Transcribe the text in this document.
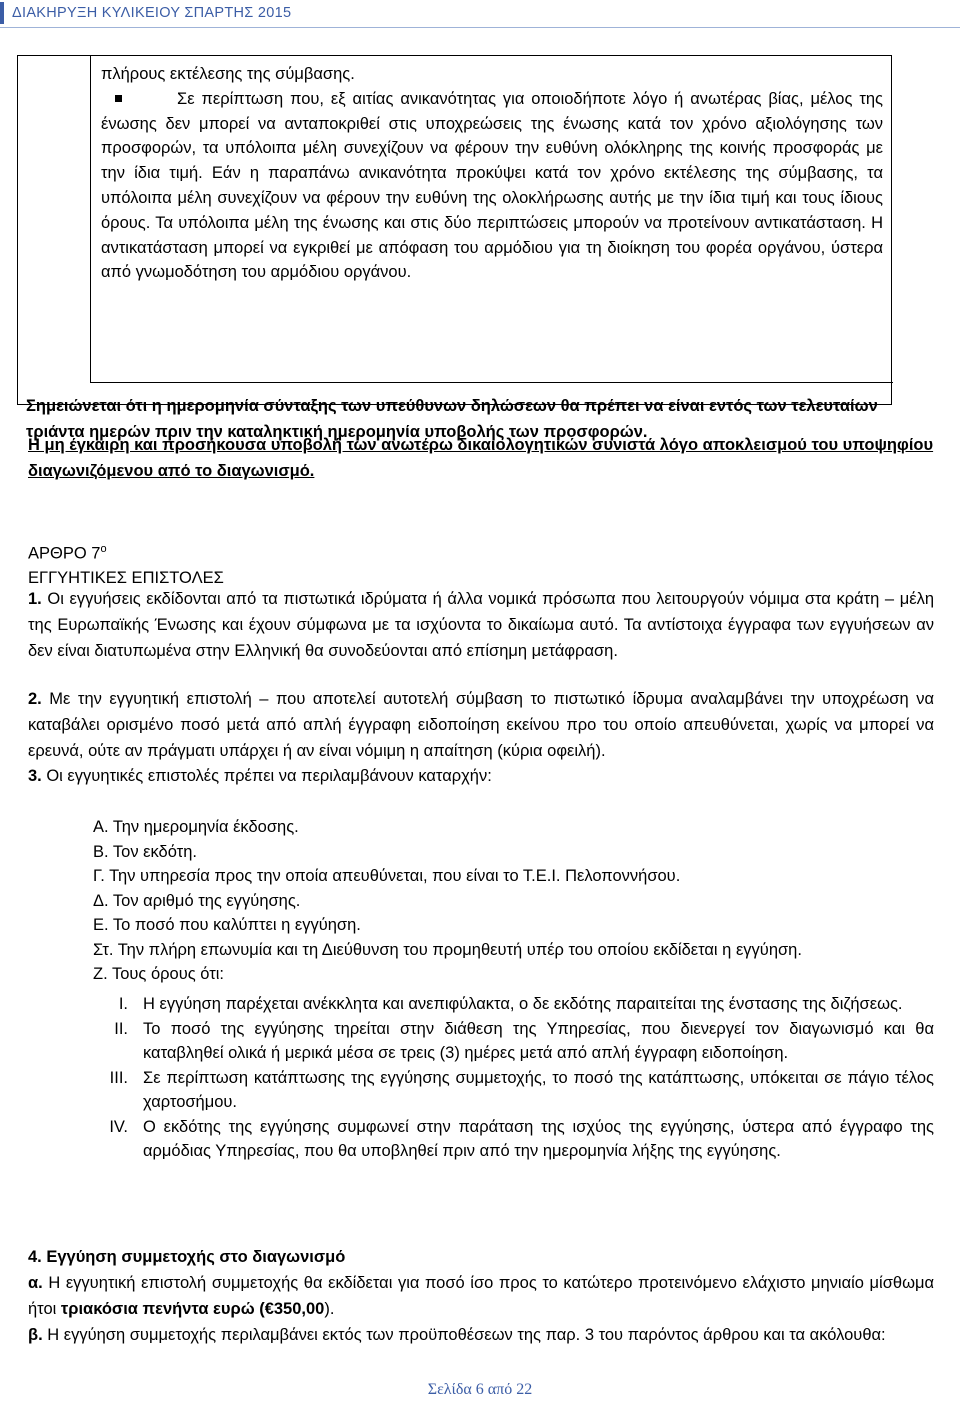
ΔΙΑΚΗΡΥΞΗ ΚΥΛΙΚΕΙΟΥ ΣΠΑΡΤΗΣ 2015
πλήρους εκτέλεσης της σύμβασης.
Σε περίπτωση που, εξ αιτίας ανικανότητας για οποιοδήποτε λόγο ή ανωτέρας βίας, μέλος της ένωσης δεν μπορεί να ανταποκριθεί στις υποχρεώσεις της ένωσης κατά τον χρόνο αξιολόγησης των προσφορών, τα υπόλοιπα μέλη συνεχίζουν να φέρουν την ευθύνη ολόκληρης της κοινής προσφοράς με την ίδια τιμή. Εάν η παραπάνω ανικανότητα προκύψει κατά τον χρόνο εκτέλεσης της σύμβασης, τα υπόλοιπα μέλη συνεχίζουν να φέρουν την ευθύνη της ολοκλήρωσης αυτής με την ίδια τιμή και τους ίδιους όρους. Τα υπόλοιπα μέλη της ένωσης και στις δύο περιπτώσεις μπορούν να προτείνουν αντικατάσταση. Η αντικατάσταση μπορεί να εγκριθεί με απόφαση του αρμόδιου για τη διοίκηση του φορέα οργάνου, ύστερα από γνωμοδότηση του αρμόδιου οργάνου.
Σημειώνεται ότι η ημερομηνία σύνταξης των υπεύθυνων δηλώσεων θα πρέπει να είναι εντός των τελευταίων τριάντα ημερών πριν την καταληκτική ημερομηνία υποβολής των προσφορών.
Η μη έγκαιρη και προσήκουσα υποβολή των ανωτέρω δικαιολογητικών συνιστά λόγο αποκλεισμού του υποψηφίου διαγωνιζόμενου από το διαγωνισμό.
ΑΡΘΡΟ $7^o$
ΕΓΓΥΗΤΙΚΕΣ ΕΠΙΣΤΟΛΕΣ
1. Οι εγγυήσεις εκδίδονται από τα πιστωτικά ιδρύματα ή άλλα νομικά πρόσωπα που λειτουργούν νόμιμα στα κράτη – μέλη της Ευρωπαϊκής Ένωσης και έχουν σύμφωνα με τα ισχύοντα το δικαίωμα αυτό. Τα αντίστοιχα έγγραφα των εγγυήσεων αν δεν είναι διατυπωμένα στην Ελληνική θα συνοδεύονται από επίσημη μετάφραση.
2. Με την εγγυητική επιστολή – που αποτελεί αυτοτελή σύμβαση το πιστωτικό ίδρυμα αναλαμβάνει την υποχρέωση να καταβάλει ορισμένο ποσό μετά από απλή έγγραφη ειδοποίηση εκείνου προ του οποίο απευθύνεται, χωρίς να μπορεί να ερευνά, ούτε αν πράγματι υπάρχει ή αν είναι νόμιμη η απαίτηση (κύρια οφειλή).
3. Οι εγγυητικές επιστολές πρέπει να περιλαμβάνουν καταρχήν:
Α. Την ημερομηνία έκδοσης.
Β. Τον εκδότη.
Γ. Την υπηρεσία προς την οποία απευθύνεται, που είναι το Τ.Ε.Ι. Πελοποννήσου.
Δ. Τον αριθμό της εγγύησης.
Ε. Το ποσό που καλύπτει η εγγύηση.
Στ. Την πλήρη επωνυμία και τη Διεύθυνση του προμηθευτή υπέρ του οποίου εκδίδεται η εγγύηση.
Ζ. Τους όρους ότι:
I. Η εγγύηση παρέχεται ανέκκλητα και ανεπιφύλακτα, ο δε εκδότης παραιτείται της ένστασης της διζήσεως.
II. Το ποσό της εγγύησης τηρείται στην διάθεση της Υπηρεσίας, που διενεργεί τον διαγωνισμό και θα καταβληθεί ολικά ή μερικά μέσα σε τρεις (3) ημέρες μετά από απλή έγγραφη ειδοποίηση.
III. Σε περίπτωση κατάπτωσης της εγγύησης συμμετοχής, το ποσό της κατάπτωσης, υπόκειται σε πάγιο τέλος χαρτοσήμου.
IV. Ο εκδότης της εγγύησης συμφωνεί στην παράταση της ισχύος της εγγύησης, ύστερα από έγγραφο της αρμόδιας Υπηρεσίας, που θα υποβληθεί πριν από την ημερομηνία λήξης της εγγύησης.
4. Εγγύηση συμμετοχής στο διαγωνισμό
α. Η εγγυητική επιστολή συμμετοχής θα εκδίδεται για ποσό ίσο προς το κατώτερο προτεινόμενο ελάχιστο μηνιαίο μίσθωμα ήτοι τριακόσια πενήντα ευρώ (€350,00).
β. Η εγγύηση συμμετοχής περιλαμβάνει εκτός των προϋποθέσεων της παρ. 3 του παρόντος άρθρου και τα ακόλουθα:
Σελίδα 6 από 22
